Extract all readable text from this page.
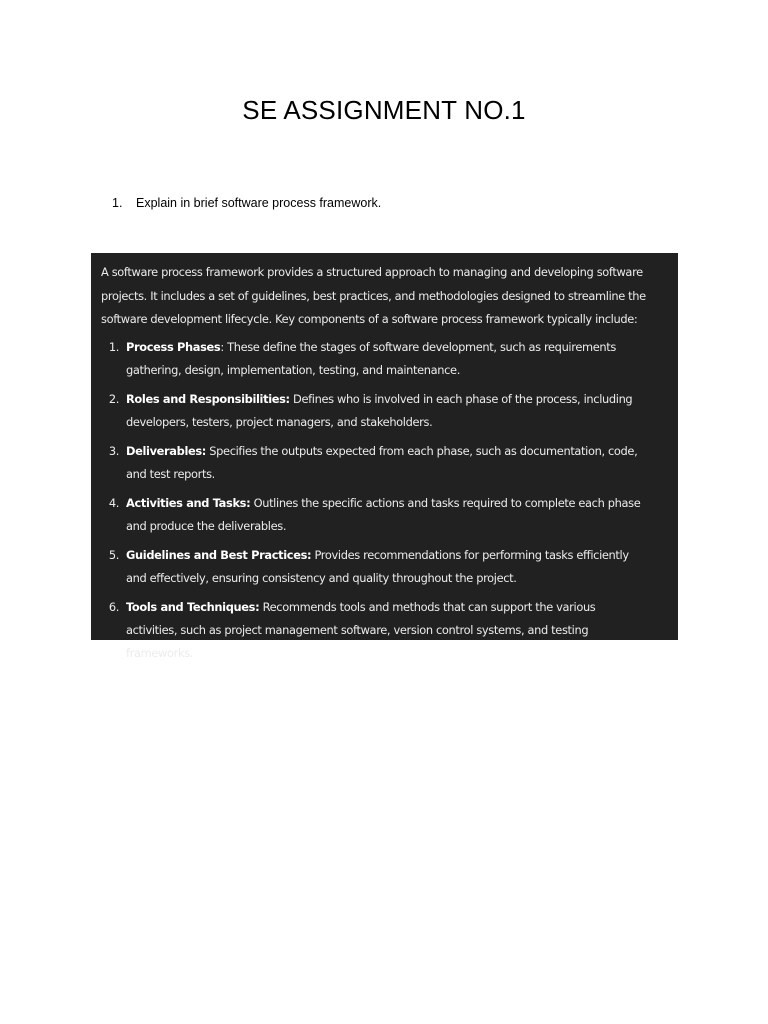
SE ASSIGNMENT NO.1
1.	Explain in brief software process framework.

A software process framework provides a structured approach to managing and developing software projects. It includes a set of guidelines, best practices, and methodologies designed to streamline the software development lifecycle. Key components of a software process framework typically include:

1. Process Phases: These define the stages of software development, such as requirements gathering, design, implementation, testing, and maintenance.
2. Roles and Responsibilities: Defines who is involved in each phase of the process, including developers, testers, project managers, and stakeholders.
3. Deliverables: Specifies the outputs expected from each phase, such as documentation, code, and test reports.
4. Activities and Tasks: Outlines the specific actions and tasks required to complete each phase and produce the deliverables.
5. Guidelines and Best Practices: Provides recommendations for performing tasks efficiently and effectively, ensuring consistency and quality throughout the project.
6. Tools and Techniques: Recommends tools and methods that can support the various activities, such as project management software, version control systems, and testing frameworks.
